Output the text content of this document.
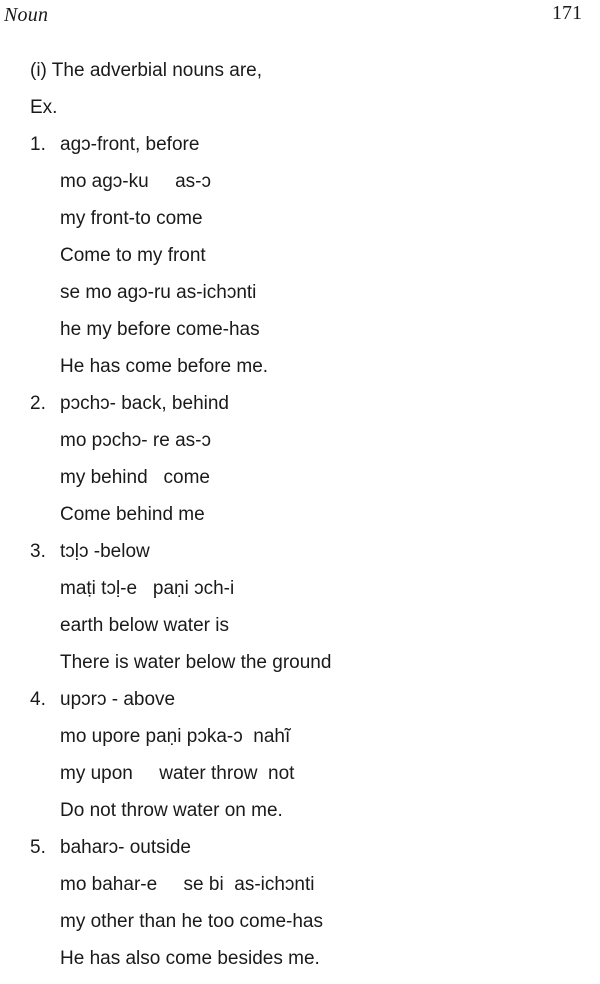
Noun	171
(i) The adverbial nouns are,
Ex.
1. agɔ-front, before
mo agɔ-ku     as-ɔ
my front-to come
Come to my front
se mo agɔ-ru as-ichɔnti
he my before come-has
He has come before me.
2. pɔchɔ- back, behind
mo pɔchɔ- re as-ɔ
my behind   come
Come behind me
3. tɔḷɔ -below
maṭi tɔḷ-e   paṇi ɔch-i
earth below water is
There is water below the ground
4. upɔrɔ - above
mo upore paṇi pɔka-ɔ  nahĩ
my upon     water throw  not
Do not throw water on me.
5. baharɔ- outside
mo bahar-e     se bi  as-ichɔnti
my other than he too come-has
He has also come besides me.
